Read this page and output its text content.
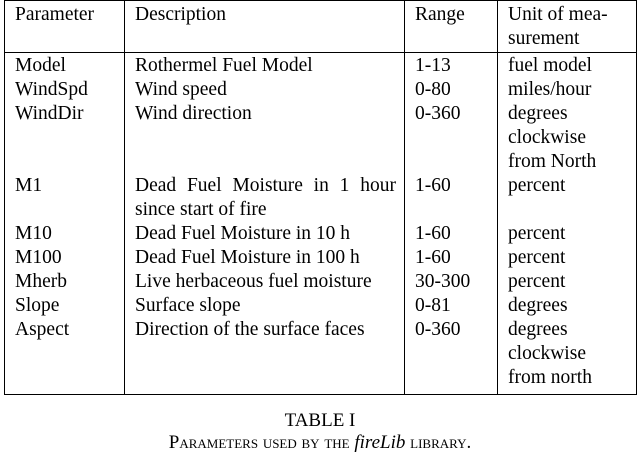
Parameter	Description	Range	Unit of mea-
surement

Model	Rothermel Fuel Model	1-13	fuel model
WindSpd	Wind speed	0-80	miles/hour
WindDir	Wind direction	0-360	degrees
clockwise
from North

M1	Dead Fuel Moisture in 1 hour since start of fire	1-60	percent
M10	Dead Fuel Moisture in 10 h	1-60	percent
M100	Dead Fuel Moisture in 100 h	1-60	percent
Mherb	Live herbaceous fuel moisture	30-300	percent
Slope	Surface slope	0-81	degrees
Aspect	Direction of the surface faces	0-360	degrees
clockwise
from north
TABLE I
Parameters used by the fireLib library.
